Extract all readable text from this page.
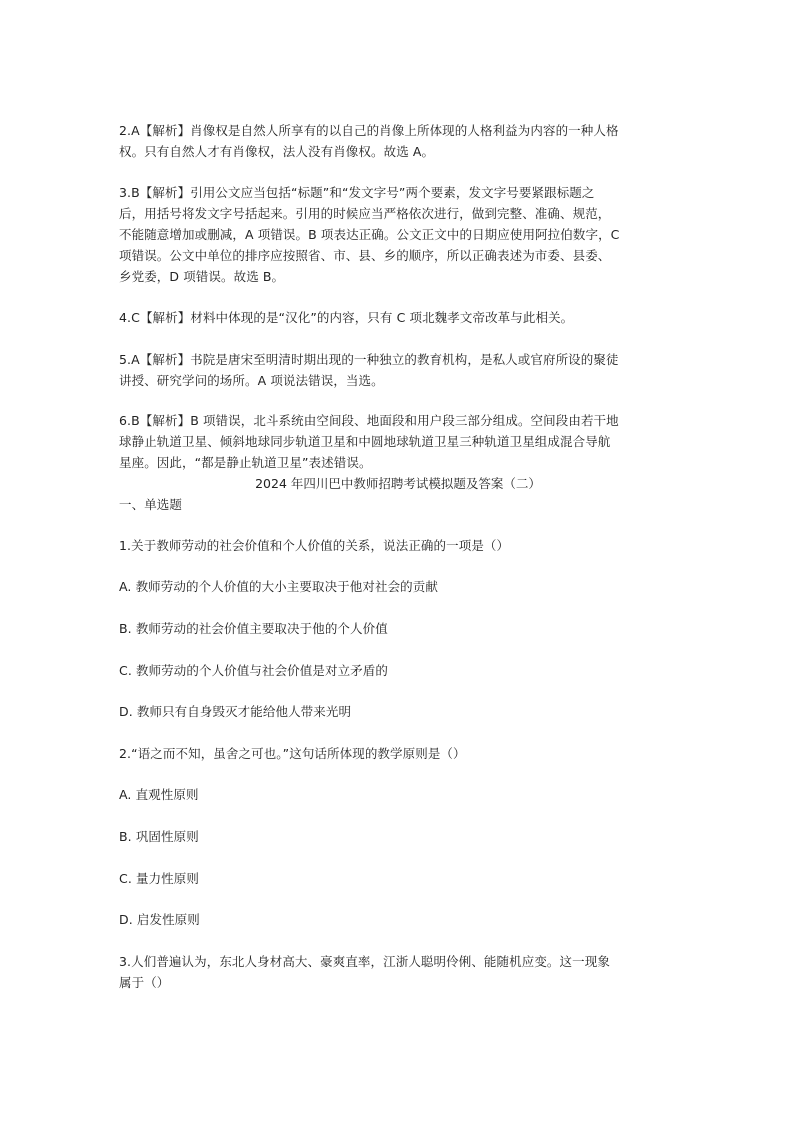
2.A【解析】肖像权是自然人所享有的以自己的肖像上所体现的人格利益为内容的一种人格
权。只有自然人才有肖像权，法人没有肖像权。故选 A。

3.B【解析】引用公文应当包括“标题”和“发文字号”两个要素，发文字号要紧跟标题之
后，用括号将发文字号括起来。引用的时候应当严格依次进行，做到完整、准确、规范，
不能随意增加或删减，A 项错误。B 项表达正确。公文正文中的日期应使用阿拉伯数字，C
项错误。公文中单位的排序应按照省、市、县、乡的顺序，所以正确表述为市委、县委、
乡党委，D 项错误。故选 B。

4.C【解析】材料中体现的是“汉化”的内容，只有 C 项北魏孝文帝改革与此相关。

5.A【解析】书院是唐宋至明清时期出现的一种独立的教育机构，是私人或官府所设的聚徒
讲授、研究学问的场所。A 项说法错误，当选。

6.B【解析】B 项错误，北斗系统由空间段、地面段和用户段三部分组成。空间段由若干地
球静止轨道卫星、倾斜地球同步轨道卫星和中圆地球轨道卫星三种轨道卫星组成混合导航
星座。因此，“都是静止轨道卫星”表述错误。

2024 年四川巴中教师招聘考试模拟题及答案（二）

一、单选题

1.关于教师劳动的社会价值和个人价值的关系，说法正确的一项是（）

A. 教师劳动的个人价值的大小主要取决于他对社会的贡献

B. 教师劳动的社会价值主要取决于他的个人价值

C. 教师劳动的个人价值与社会价值是对立矛盾的

D. 教师只有自身毁灭才能给他人带来光明

2.“语之而不知，虽舍之可也。”这句话所体现的教学原则是（）

A. 直观性原则

B. 巩固性原则

C. 量力性原则

D. 启发性原则

3.人们普遍认为，东北人身材高大、豪爽直率，江浙人聪明伶俐、能随机应变。这一现象
属于（）
